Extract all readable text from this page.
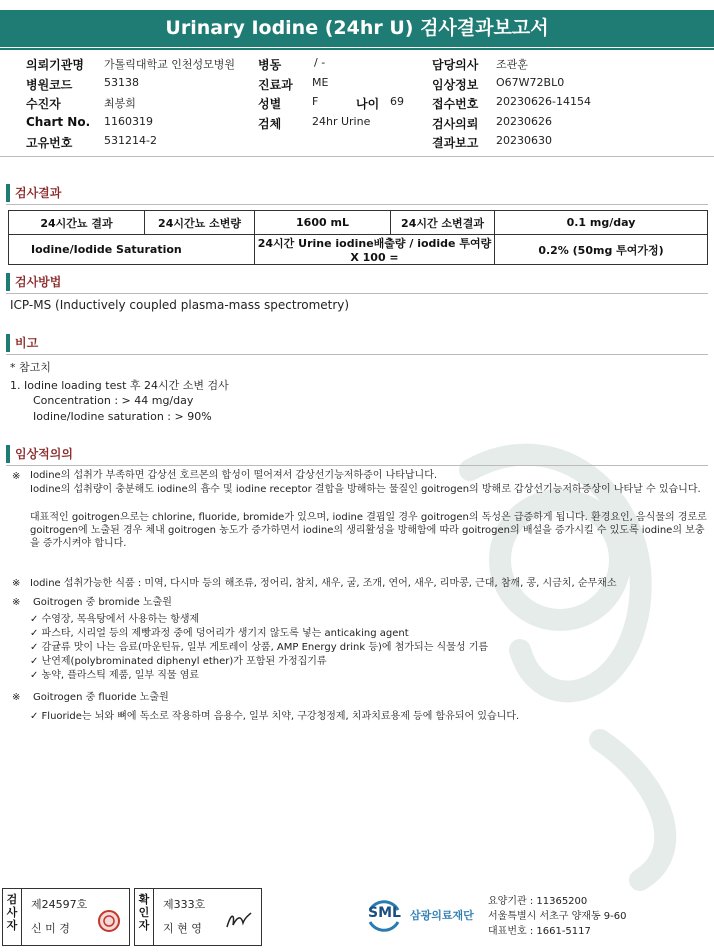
Urinary Iodine (24hr U) 검사결과보고서
의뢰기관명 가톨릭대학교 인천성모병원 병동	/ -	담당의사 조관훈
병원코드	53138	진료과 ME	임상정보 O67W72BL0
수진자	최봉희	성별	F	나이 69 접수번호 20230626-14154
Chart No. 1160319	검체	24hr Urine	검사의뢰 20230626
고유번호	531214-2	결과보고 20230630
검사결과
24시간뇨 결과	24시간뇨 소변량	1600 mL	24시간 소변결과	0.1 mg/day
Iodine/Iodide Saturation		24시간 Urine iodine배출량 / iodide 투여량 X 100 =		0.2% (50mg 투여가정)
검사방법
ICP-MS (Inductively coupled plasma-mass spectrometry)
비고
* 참고치
1. Iodine loading test 후 24시간 소변 검사
Concentration : > 44 mg/day
Iodine/Iodine saturation : > 90%
임상적의의
※ Iodine의 섭취가 부족하면 갑상선 호르몬의 합성이 떨어져서 갑상선기능저하증이 나타납니다.
Iodine의 섭취량이 충분해도 iodine의 흡수 및 iodine receptor 결합을 방해하는 물질인 goitrogen의 방해로 갑상선기능저하증상이 나타날 수 있습니다.
대표적인 goitrogen으로는 chlorine, fluoride, bromide가 있으며, iodine 결핍일 경우 goitrogen의 독성은 급증하게 됩니다. 환경요인, 음식물의 경로로 goitrogen에 노출된 경우 체내 goitrogen 농도가 증가하면서 iodine의 생리활성을 방해함에 따라 goitrogen의 배설을 증가시킬 수 있도록 iodine의 보충을 증가시켜야 합니다.
※ Iodine 섭취가능한 식품 : 미역, 다시마 등의 해조류, 정어리, 참치, 새우, 굴, 조개, 연어, 새우, 리마콩, 근대, 참깨, 콩, 시금치, 순무채소
※ Goitrogen 중 bromide 노출원
✓ 수영장, 목욕탕에서 사용하는 항생제
✓ 파스타, 시리얼 등의 제빵과정 중에 덩어리가 생기지 않도록 넣는 anticaking agent
✓ 감귤류 맛이 나는 음료(마운틴듀, 일부 게토레이 상품, AMP Energy drink 등)에 첨가되는 식물성 기름
✓ 난연제(polybrominated diphenyl ether)가 포함된 가정집기류
✓ 농약, 플라스틱 제품, 일부 직물 염료
※ Goitrogen 중 fluoride 노출원
✓ Fluoride는 뇌와 뼈에 독소로 작용하며 음용수, 일부 치약, 구강청정제, 치과치료용제 등에 함유되어 있습니다.
검
사
자
제24597호
신 미 경
확
인
자
제333호
지 현 영
SML 삼광의료재단
요양기관 : 11365200
서울특별시 서초구 양재동 9-60
대표번호 : 1661-5117
